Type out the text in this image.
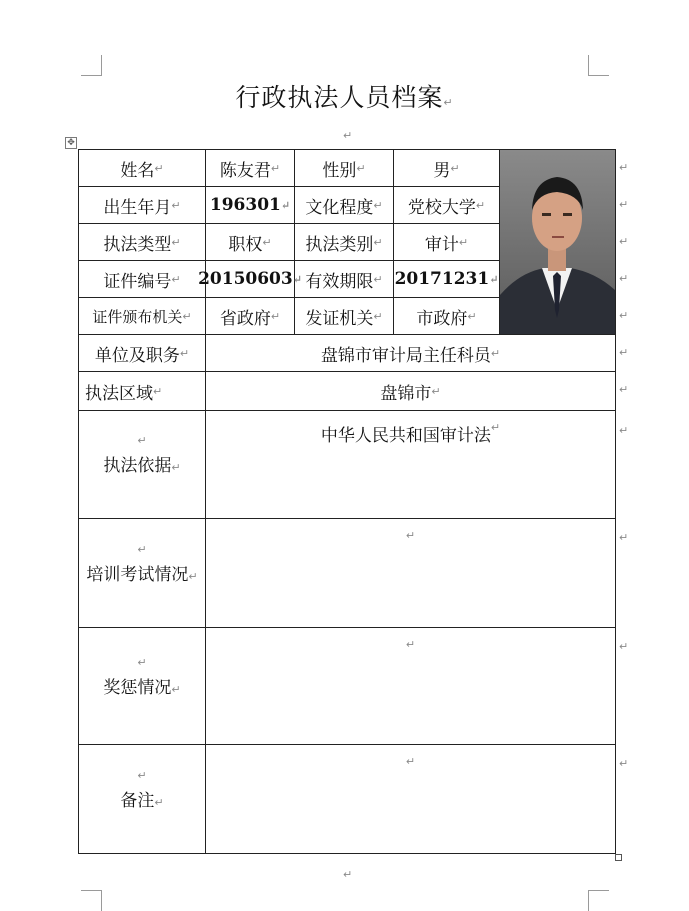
行政执法人员档案↵
↵
✥
姓名 ↵	陈友君 ↵ 性别 ↵	男 ↵
出生年月 ↵ 196301 ↵ 文化程度 ↵ 党校大学 ↵
执法类型 ↵	职权 ↵ 执法类别 ↵ 审计 ↵
证件编号 ↵ 20150603 ↵ 有效期限 ↵ 20171231 ↵
证件颁布机关 ↵ 省政府 ↵ 发证机关 ↵ 市政府 ↵
单位及职务 ↵	盘锦市审计局主任科员 ↵
执法区域 ↵	盘锦市 ↵
↵
执法依据↵

中华人民共和国审计法 ↵
↵
培训考试情况↵

↵
↵
奖惩情况↵

↵
↵
备注↵

↵
↵
↵
↵
↵
↵
↵
↵
↵
↵
↵
↵
↵
